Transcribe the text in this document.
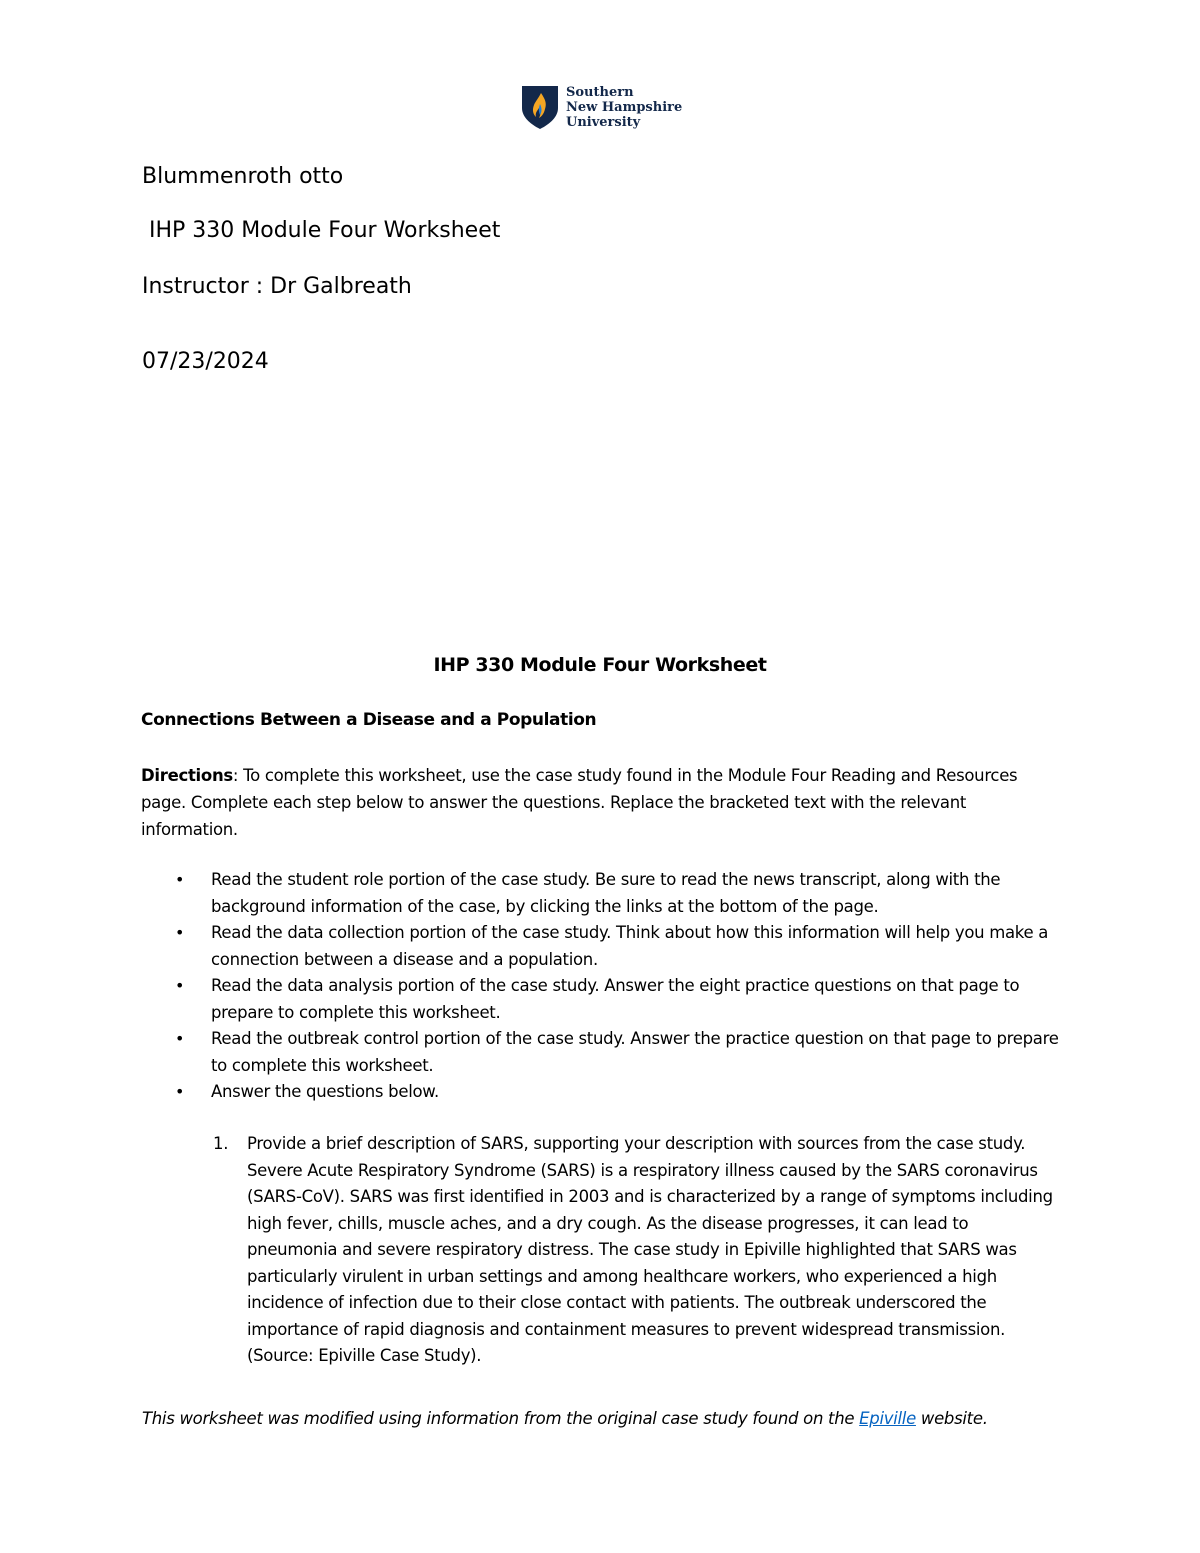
Southern
New Hampshire
University
Blummenroth otto
IHP 330 Module Four Worksheet
Instructor : Dr Galbreath
07/23/2024
IHP 330 Module Four Worksheet
Connections Between a Disease and a Population
Directions: To complete this worksheet, use the case study found in the Module Four Reading and Resources page. Complete each step below to answer the questions. Replace the bracketed text with the relevant information.
• Read the student role portion of the case study. Be sure to read the news transcript, along with the background information of the case, by clicking the links at the bottom of the page.
• Read the data collection portion of the case study. Think about how this information will help you make a connection between a disease and a population.
• Read the data analysis portion of the case study. Answer the eight practice questions on that page to prepare to complete this worksheet.
• Read the outbreak control portion of the case study. Answer the practice question on that page to prepare to complete this worksheet.
• Answer the questions below.
1. Provide a brief description of SARS, supporting your description with sources from the case study.
Severe Acute Respiratory Syndrome (SARS) is a respiratory illness caused by the SARS coronavirus (SARS-CoV). SARS was first identified in 2003 and is characterized by a range of symptoms including high fever, chills, muscle aches, and a dry cough. As the disease progresses, it can lead to pneumonia and severe respiratory distress. The case study in Epiville highlighted that SARS was particularly virulent in urban settings and among healthcare workers, who experienced a high incidence of infection due to their close contact with patients. The outbreak underscored the importance of rapid diagnosis and containment measures to prevent widespread transmission. (Source: Epiville Case Study).
This worksheet was modified using information from the original case study found on the Epiville website.
